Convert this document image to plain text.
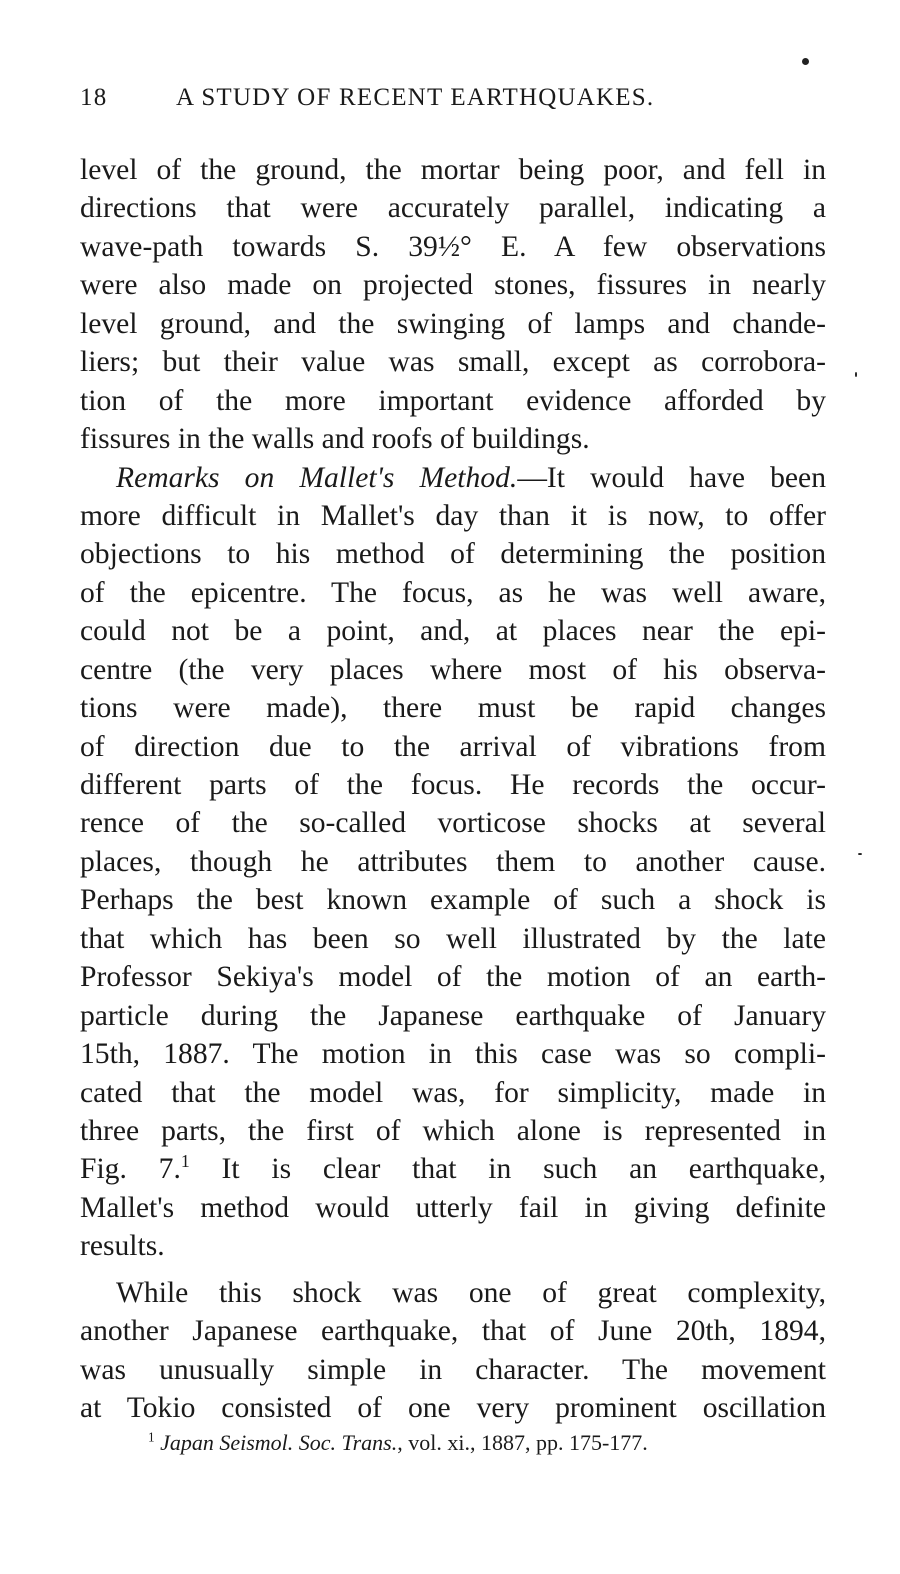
18	A STUDY OF RECENT EARTHQUAKES.
level of the ground, the mortar being poor, and fell in
directions that were accurately parallel, indicating a
wave-path towards S. 39½° E. A few observations
were also made on projected stones, fissures in nearly
level ground, and the swinging of lamps and chande-
liers; but their value was small, except as corrobora-
tion of the more important evidence afforded by
fissures in the walls and roofs of buildings.
Remarks on Mallet's Method.—It would have been
more difficult in Mallet's day than it is now, to offer
objections to his method of determining the position
of the epicentre. The focus, as he was well aware,
could not be a point, and, at places near the epi-
centre (the very places where most of his observa-
tions were made), there must be rapid changes
of direction due to the arrival of vibrations from
different parts of the focus. He records the occur-
rence of the so-called vorticose shocks at several
places, though he attributes them to another cause.
Perhaps the best known example of such a shock is
that which has been so well illustrated by the late
Professor Sekiya's model of the motion of an earth-
particle during the Japanese earthquake of January
15th, 1887. The motion in this case was so compli-
cated that the model was, for simplicity, made in
three parts, the first of which alone is represented in
Fig. 7.$^1$ It is clear that in such an earthquake,
Mallet's method would utterly fail in giving definite
results.
While this shock was one of great complexity,
another Japanese earthquake, that of June 20th, 1894,
was unusually simple in character. The movement
at Tokio consisted of one very prominent oscillation
$^1$ Japan Seismol. Soc. Trans., vol. xi., 1887, pp. 175-177.
